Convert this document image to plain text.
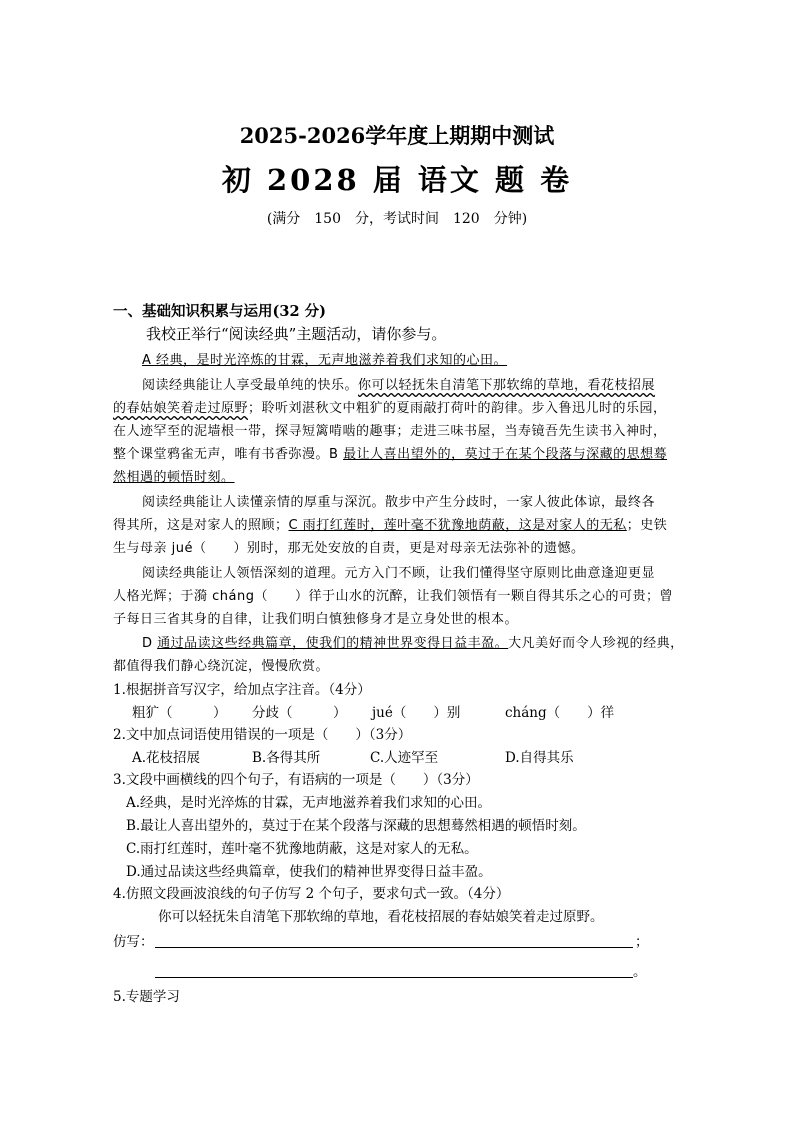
2025-2026学年度上期期中测试
初 2028 届 语文 题 卷
(满分　150　分，考试时间　120　分钟)
一、基础知识积累与运用(32 分)
我校正举行“阅读经典”主题活动，请你参与。
A 经典，是时光淬炼的甘霖，无声地滋养着我们求知的心田。
阅读经典能让人享受最单纯的快乐。你可以轻抚朱自清笔下那软绵的草地，看花枝招展
的春姑娘笑着走过原野；聆听刘湛秋文中粗犷的夏雨敲打荷叶的韵律。步入鲁迅儿时的乐园，
在人迹罕至的泥墙根一带，探寻短篱啃啮的趣事；走进三味书屋，当寿镜吾先生读书入神时，
整个课堂鸦雀无声，唯有书香弥漫。B 最让人喜出望外的，莫过于在某个段落与深藏的思想蓦
然相遇的顿悟时刻。
阅读经典能让人读懂亲情的厚重与深沉。散步中产生分歧时，一家人彼此体谅，最终各
得其所，这是对家人的照顾；C 雨打红莲时，莲叶毫不犹豫地荫蔽，这是对家人的无私；史铁
生与母亲 jué（　　）别时，那无处安放的自责，更是对母亲无法弥补的遗憾。
阅读经典能让人领悟深刻的道理。元方入门不顾，让我们懂得坚守原则比曲意逢迎更显
人格光辉；于漪 cháng（　　）徉于山水的沉醉，让我们领悟有一颗自得其乐之心的可贵；曾
子每日三省其身的自律，让我们明白慎独修身才是立身处世的根本。
D 通过品读这些经典篇章，使我们的精神世界变得日益丰盈。大凡美好而令人珍视的经典，
都值得我们静心绕沉淀，慢慢欣赏。
1.根据拼音写汉字，给加点字注音。（4分）
粗犷（　　　） 分歧（　　　） jué（　　）别	cháng（　　）徉
2.文中加点词语使用错误的一项是（　　）（3分）
A.花枝招展	B.各得其所	C.人迹罕至	D.自得其乐
3.文段中画横线的四个句子，有语病的一项是（　　）（3分）
A.经典，是时光淬炼的甘霖，无声地滋养着我们求知的心田。
B.最让人喜出望外的，莫过于在某个段落与深藏的思想蓦然相遇的顿悟时刻。
C.雨打红莲时，莲叶毫不犹豫地荫蔽，这是对家人的无私。
D.通过品读这些经典篇章，使我们的精神世界变得日益丰盈。
4.仿照文段画波浪线的句子仿写 2 个句子，要求句式一致。（4分）
你可以轻抚朱自清笔下那软绵的草地，看花枝招展的春姑娘笑着走过原野。
仿写：	；
。
5.专题学习
